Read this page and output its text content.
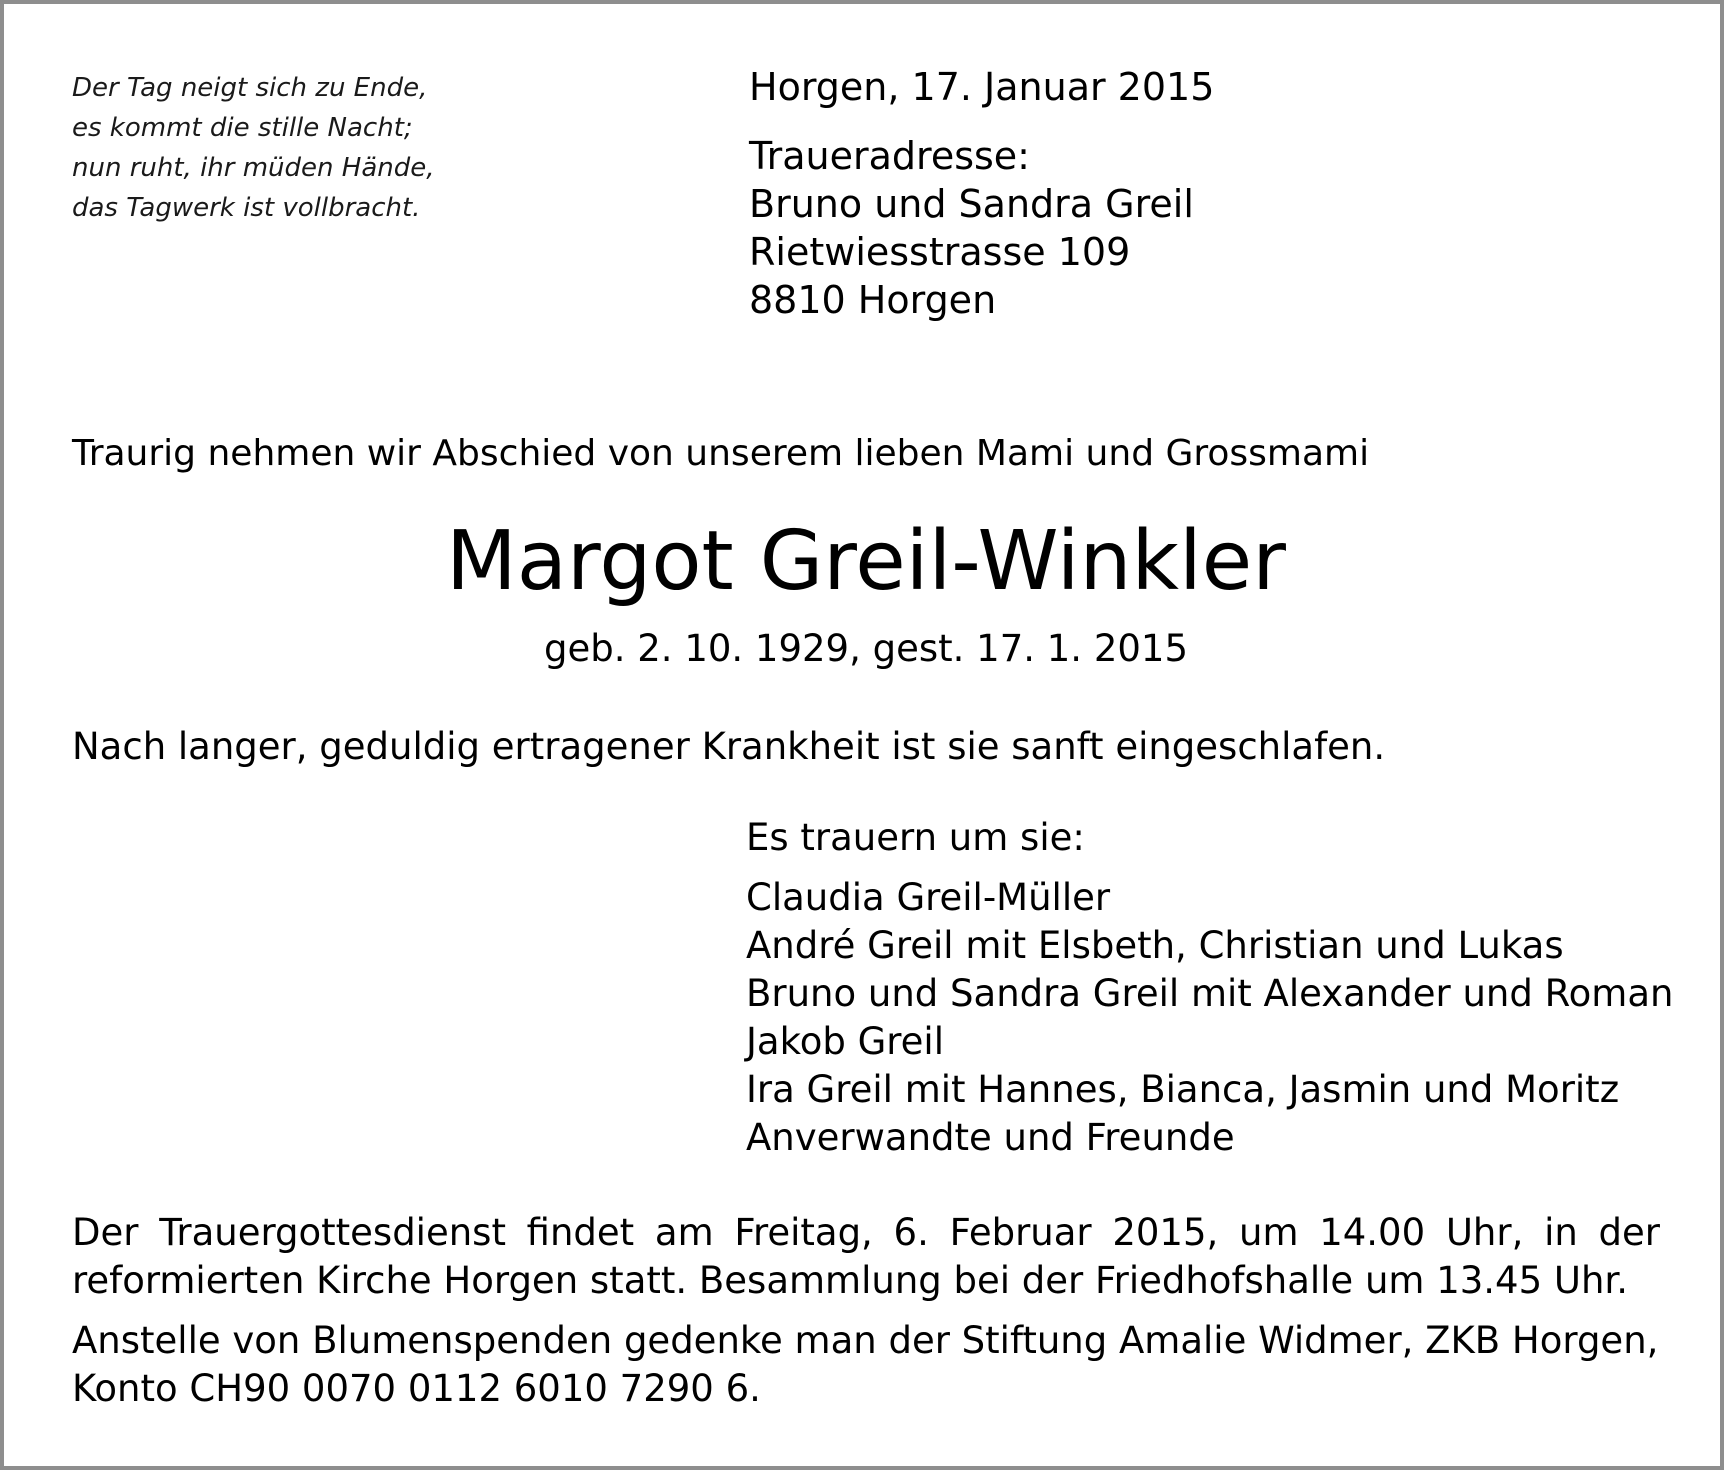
Der Tag neigt sich zu Ende,
es kommt die stille Nacht;
nun ruht, ihr müden Hände,
das Tagwerk ist vollbracht.
Horgen, 17. Januar 2015
Traueradresse:
Bruno und Sandra Greil
Rietwiesstrasse 109
8810 Horgen
Traurig nehmen wir Abschied von unserem lieben Mami und Grossmami
Margot Greil-Winkler
geb. 2. 10. 1929, gest. 17. 1. 2015
Nach langer, geduldig ertragener Krankheit ist sie sanft eingeschlafen.
Es trauern um sie:
Claudia Greil-Müller
André Greil mit Elsbeth, Christian und Lukas
Bruno und Sandra Greil mit Alexander und Roman
Jakob Greil
Ira Greil mit Hannes, Bianca, Jasmin und Moritz
Anverwandte und Freunde
Der Trauergottesdienst findet am Freitag, 6. Februar 2015, um 14.00 Uhr, in der
reformierten Kirche Horgen statt. Besammlung bei der Friedhofshalle um 13.45 Uhr.
Anstelle von Blumenspenden gedenke man der Stiftung Amalie Widmer, ZKB Horgen,
Konto CH90 0070 0112 6010 7290 6.
